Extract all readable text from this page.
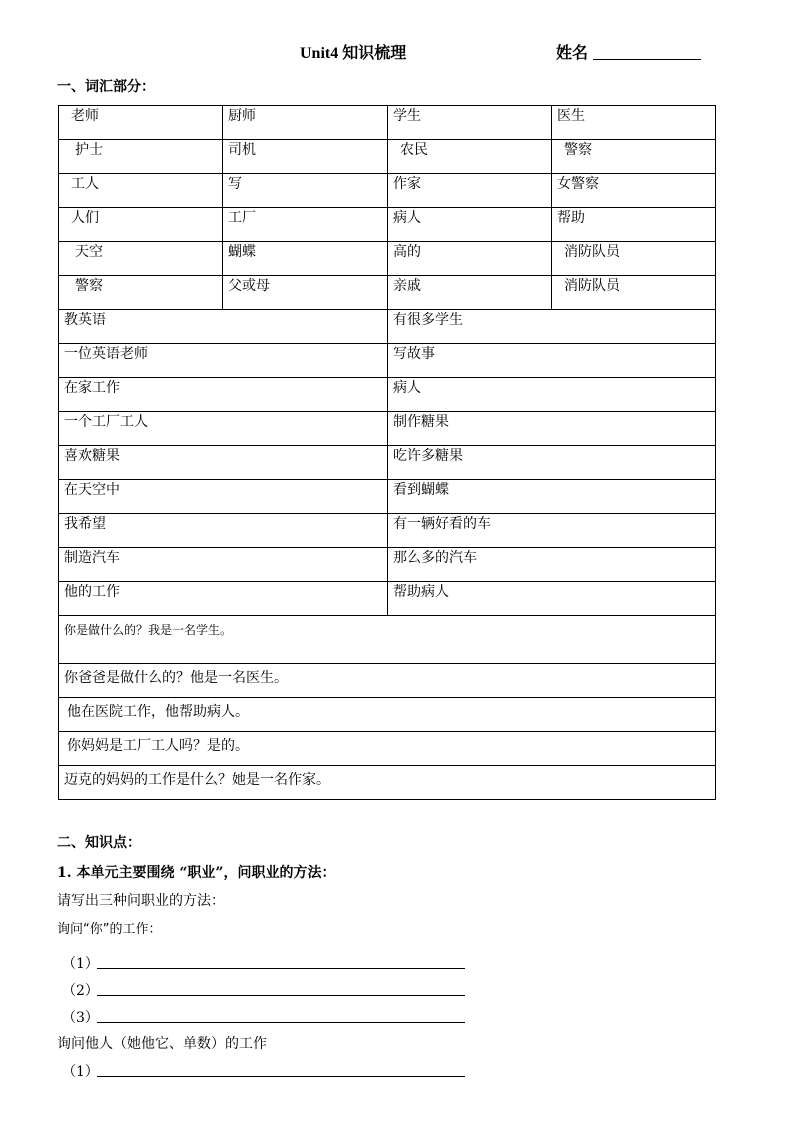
Unit4 知识梳理	姓名
一、词汇部分：
老师	厨师	学生	医生
护士	司机	农民	警察
工人	写	作家	女警察
人们	工厂	病人	帮助
天空	蝴蝶	高的	消防队员
警察	父或母	亲戚	消防队员
教英语		有很多学生	
一位英语老师		写故事	
在家工作		病人	
一个工厂工人		制作糖果	
喜欢糖果		吃许多糖果	
在天空中		看到蝴蝶	
我希望		有一辆好看的车	
制造汽车		那么多的汽车	
他的工作		帮助病人	
你是做什么的？我是一名学生。			
你爸爸是做什么的？他是一名医生。			
他在医院工作，他帮助病人。			
你妈妈是工厂工人吗？是的。			
迈克的妈妈的工作是什么？她是一名作家。			
二、知识点：
1. 本单元主要围绕 “职业”，问职业的方法：
请写出三种问职业的方法：
询问“你”的工作：
（1）
（2）
（3）
询问他人（她他它、单数）的工作
（1）
